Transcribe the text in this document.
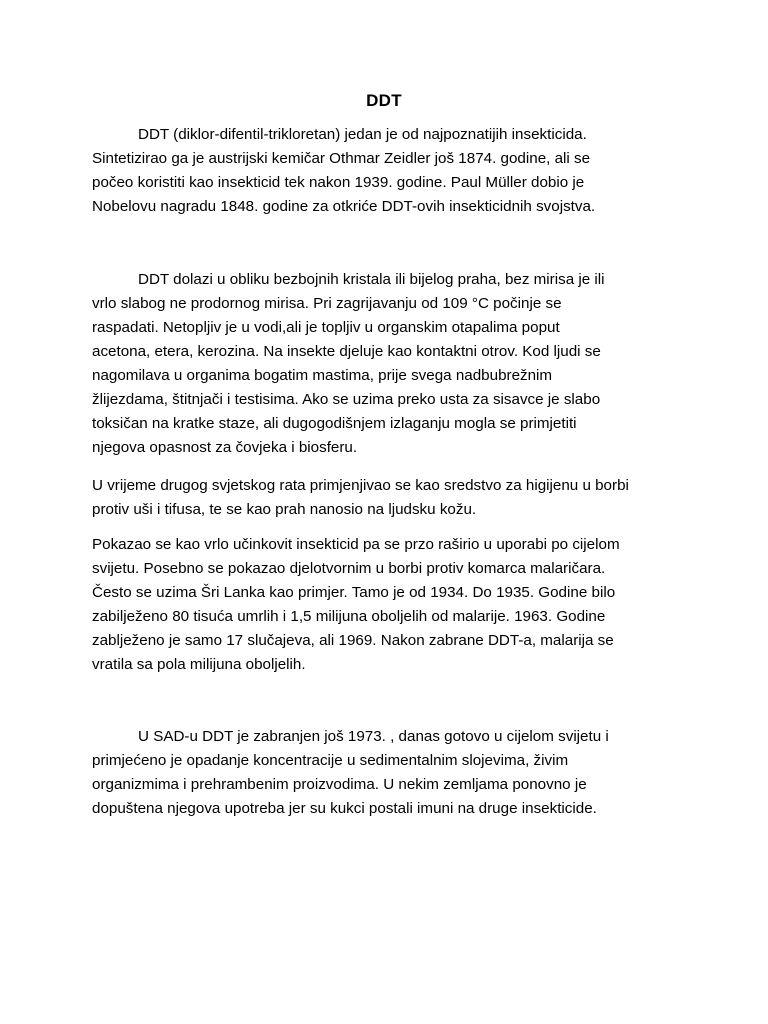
DDT

DDT (diklor-difentil-trikloretan) jedan je od najpoznatijih insekticida.
Sintetizirao ga je austrijski kemičar Othmar Zeidler još 1874. godine, ali se
počeo koristiti kao insekticid tek nakon 1939. godine. Paul Müller dobio je
Nobelovu nagradu 1848. godine za otkriće DDT-ovih insekticidnih svojstva.

DDT dolazi u obliku bezbojnih kristala ili bijelog praha, bez mirisa je ili
vrlo slabog ne prodornog mirisa. Pri zagrijavanju od 109 °C počinje se
raspadati. Netopljiv je u vodi,ali je topljiv u organskim otapalima poput
acetona, etera, kerozina. Na insekte djeluje kao kontaktni otrov. Kod ljudi se
nagomilava u organima bogatim mastima, prije svega nadbubrežnim
žlijezdama, štitnjači i testisima. Ako se uzima preko usta za sisavce je slabo
toksičan na kratke staze, ali dugogodišnjem izlaganju mogla se primjetiti
njegova opasnost za čovjeka i biosferu.

U vrijeme drugog svjetskog rata primjenjivao se kao sredstvo za higijenu u borbi
protiv uši i tifusa, te se kao prah nanosio na ljudsku kožu.

Pokazao se kao vrlo učinkovit insekticid pa se przo raširio u uporabi po cijelom
svijetu. Posebno se pokazao djelotvornim u borbi protiv komarca malaričara.
Često se uzima Šri Lanka kao primjer. Tamo je od 1934. Do 1935. Godine bilo
zabilježeno 80 tisuća umrlih i 1,5 milijuna oboljelih od malarije. 1963. Godine
zablježeno je samo 17 slučajeva, ali 1969. Nakon zabrane DDT-a, malarija se
vratila sa pola milijuna oboljelih.

U SAD-u DDT je zabranjen još 1973. , danas gotovo u cijelom svijetu i
primjećeno je opadanje koncentracije u sedimentalnim slojevima, živim
organizmima i prehrambenim proizvodima. U nekim zemljama ponovno je
dopuštena njegova upotreba jer su kukci postali imuni na druge insekticide.
